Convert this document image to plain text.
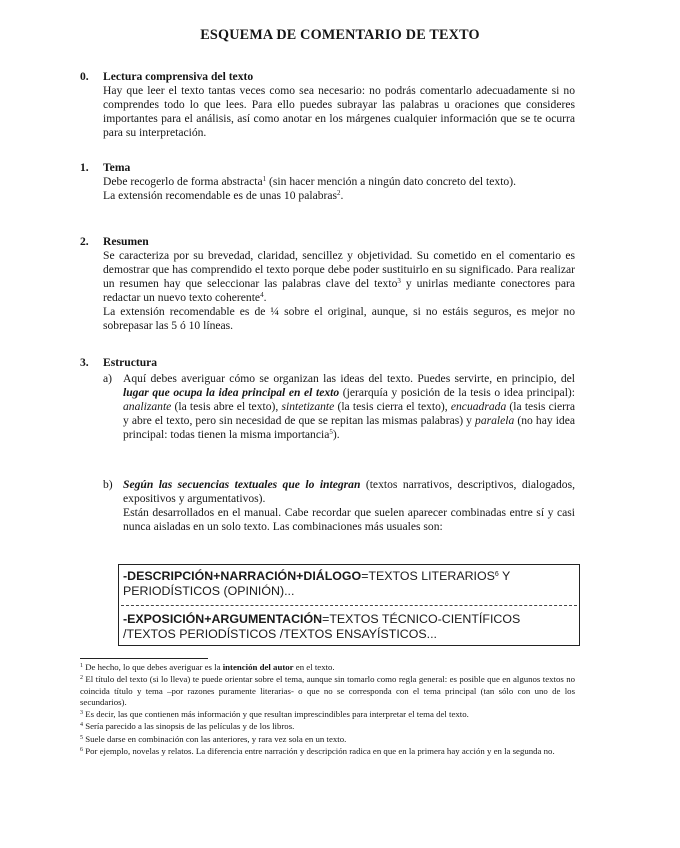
ESQUEMA DE COMENTARIO DE TEXTO
0. Lectura comprensiva del texto

Hay que leer el texto tantas veces como sea necesario: no podrás comentarlo adecuadamente si no comprendes todo lo que lees. Para ello puedes subrayar las palabras u oraciones que consideres importantes para el análisis, así como anotar en los márgenes cualquier información que se te ocurra para su interpretación.

1. Tema

Debe recogerlo de forma abstracta$^1$ (sin hacer mención a ningún dato concreto del texto).

La extensión recomendable es de unas 10 palabras$^2$.

2. Resumen

Se caracteriza por su brevedad, claridad, sencillez y objetividad. Su cometido en el comentario es demostrar que has comprendido el texto porque debe poder sustituirlo en su significado. Para realizar un resumen hay que seleccionar las palabras clave del texto$^3$ y unirlas mediante conectores para redactar un nuevo texto coherente$^4$.

La extensión recomendable es de ¼ sobre el original, aunque, si no estáis seguros, es mejor no sobrepasar las 5 ó 10 líneas.

3. Estructura
a) Aquí debes averiguar cómo se organizan las ideas del texto. Puedes servirte, en principio, del lugar que ocupa la idea principal en el texto (jerarquía y posición de la tesis o idea principal): analizante (la tesis abre el texto), sintetizante (la tesis cierra el texto), encuadrada (la tesis cierra y abre el texto, pero sin necesidad de que se repitan las mismas palabras) y paralela (no hay idea principal: todas tienen la misma importancia$^5$).

b) Según las secuencias textuales que lo integran (textos narrativos, descriptivos, dialogados, expositivos y argumentativos).

Están desarrollados en el manual. Cabe recordar que suelen aparecer combinadas entre sí y casi nunca aisladas en un solo texto. Las combinaciones más usuales son:

-DESCRIPCIÓN+NARRACIÓN+DIÁLOGO=TEXTOS LITERARIOS$^6$ Y PERIODÍSTICOS (OPINIÓN)...
-EXPOSICIÓN+ARGUMENTACIÓN=TEXTOS TÉCNICO-CIENTÍFICOS /TEXTOS PERIODÍSTICOS /TEXTOS ENSAYÍSTICOS...

$^1$ De hecho, lo que debes averiguar es la intención del autor en el texto.

$^2$ El título del texto (si lo lleva) te puede orientar sobre el tema, aunque sin tomarlo como regla general: es posible que en algunos textos no coincida título y tema –por razones puramente literarias- o que no se corresponda con el tema principal (tan sólo con uno de los secundarios).

$^3$ Es decir, las que contienen más información y que resultan imprescindibles para interpretar el tema del texto.

$^4$ Sería parecido a las sinopsis de las películas y de los libros.

$^5$ Suele darse en combinación con las anteriores, y rara vez sola en un texto.

$^6$ Por ejemplo, novelas y relatos. La diferencia entre narración y descripción radica en que en la primera hay acción y en la segunda no.
